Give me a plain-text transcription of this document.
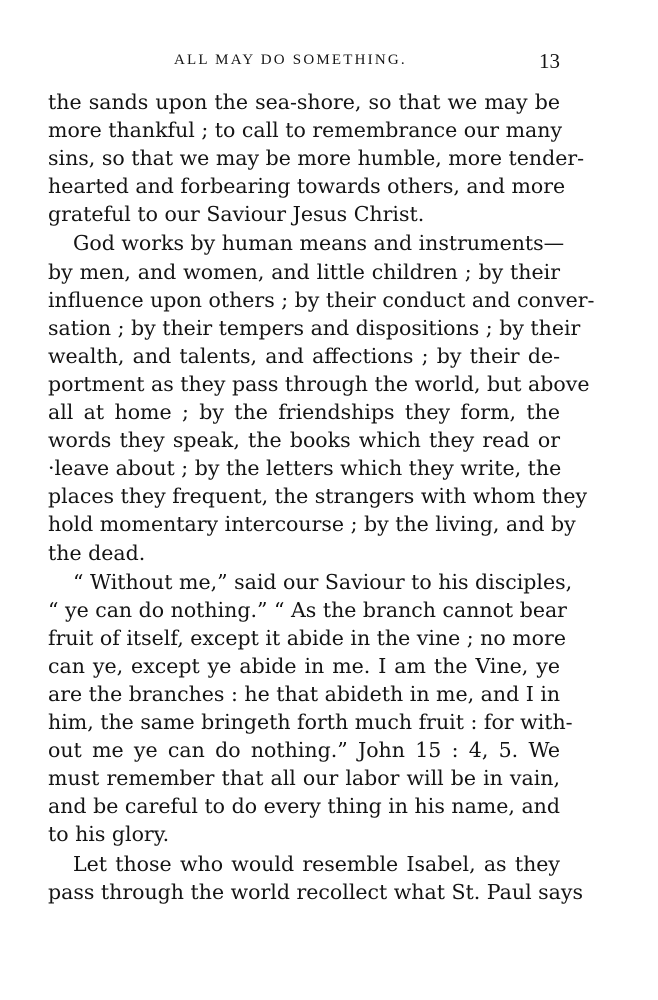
ALL MAY DO SOMETHING.	13
the sands upon the sea-shore, so that we may be
more thankful ; to call to remembrance our many
sins, so that we may be more humble, more tender-
hearted and forbearing towards others, and more
grateful to our Saviour Jesus Christ.
God works by human means and instruments—
by men, and women, and little children ; by their
influence upon others ; by their conduct and conver-
sation ; by their tempers and dispositions ; by their
wealth, and talents, and affections ; by their de-
portment as they pass through the world, but above
all at home ; by the friendships they form, the
words they speak, the books which they read or
·leave about ; by the letters which they write, the
places they frequent, the strangers with whom they
hold momentary intercourse ; by the living, and by
the dead.
“ Without me,” said our Saviour to his disciples,
“ ye can do nothing.” “ As the branch cannot bear
fruit of itself, except it abide in the vine ; no more
can ye, except ye abide in me. I am the Vine, ye
are the branches : he that abideth in me, and I in
him, the same bringeth forth much fruit : for with-
out me ye can do nothing.” John 15 : 4, 5. We
must remember that all our labor will be in vain,
and be careful to do every thing in his name, and
to his glory.
Let those who would resemble Isabel, as they
pass through the world recollect what St. Paul says
